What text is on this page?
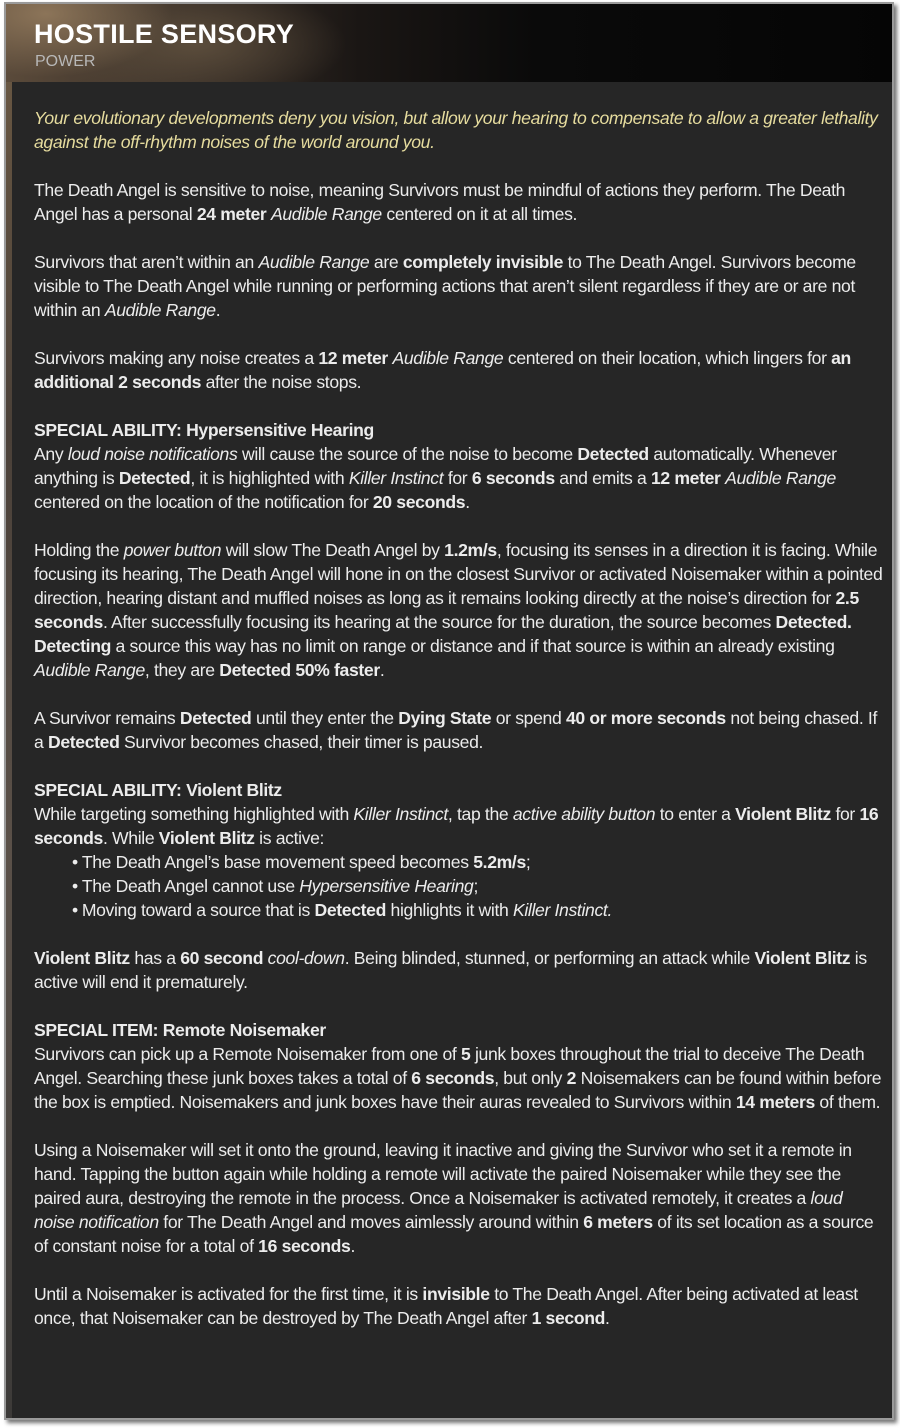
HOSTILE SENSORY
POWER

Your evolutionary developments deny you vision, but allow your hearing to compensate to allow a greater lethality against the off-rhythm noises of the world around you.

The Death Angel is sensitive to noise, meaning Survivors must be mindful of actions they perform. The Death Angel has a personal 24 meter Audible Range centered on it at all times.

Survivors that aren’t within an Audible Range are completely invisible to The Death Angel. Survivors become visible to The Death Angel while running or performing actions that aren’t silent regardless if they are or are not within an Audible Range.

Survivors making any noise creates a 12 meter Audible Range centered on their location, which lingers for an additional 2 seconds after the noise stops.

SPECIAL ABILITY: Hypersensitive Hearing
Any loud noise notifications will cause the source of the noise to become Detected automatically. Whenever anything is Detected, it is highlighted with Killer Instinct for 6 seconds and emits a 12 meter Audible Range centered on the location of the notification for 20 seconds.

Holding the power button will slow The Death Angel by 1.2m/s, focusing its senses in a direction it is facing. While focusing its hearing, The Death Angel will hone in on the closest Survivor or activated Noisemaker within a pointed direction, hearing distant and muffled noises as long as it remains looking directly at the noise’s direction for 2.5 seconds. After successfully focusing its hearing at the source for the duration, the source becomes Detected. Detecting a source this way has no limit on range or distance and if that source is within an already existing Audible Range, they are Detected 50% faster.

A Survivor remains Detected until they enter the Dying State or spend 40 or more seconds not being chased. If a Detected Survivor becomes chased, their timer is paused.

SPECIAL ABILITY: Violent Blitz
While targeting something highlighted with Killer Instinct, tap the active ability button to enter a Violent Blitz for 16 seconds. While Violent Blitz is active:
• The Death Angel’s base movement speed becomes 5.2m/s;
• The Death Angel cannot use Hypersensitive Hearing;
• Moving toward a source that is Detected highlights it with Killer Instinct.

Violent Blitz has a 60 second cool-down. Being blinded, stunned, or performing an attack while Violent Blitz is active will end it prematurely.

SPECIAL ITEM: Remote Noisemaker
Survivors can pick up a Remote Noisemaker from one of 5 junk boxes throughout the trial to deceive The Death Angel. Searching these junk boxes takes a total of 6 seconds, but only 2 Noisemakers can be found within before the box is emptied. Noisemakers and junk boxes have their auras revealed to Survivors within 14 meters of them.

Using a Noisemaker will set it onto the ground, leaving it inactive and giving the Survivor who set it a remote in hand. Tapping the button again while holding a remote will activate the paired Noisemaker while they see the paired aura, destroying the remote in the process. Once a Noisemaker is activated remotely, it creates a loud noise notification for The Death Angel and moves aimlessly around within 6 meters of its set location as a source of constant noise for a total of 16 seconds.

Until a Noisemaker is activated for the first time, it is invisible to The Death Angel. After being activated at least once, that Noisemaker can be destroyed by The Death Angel after 1 second.
